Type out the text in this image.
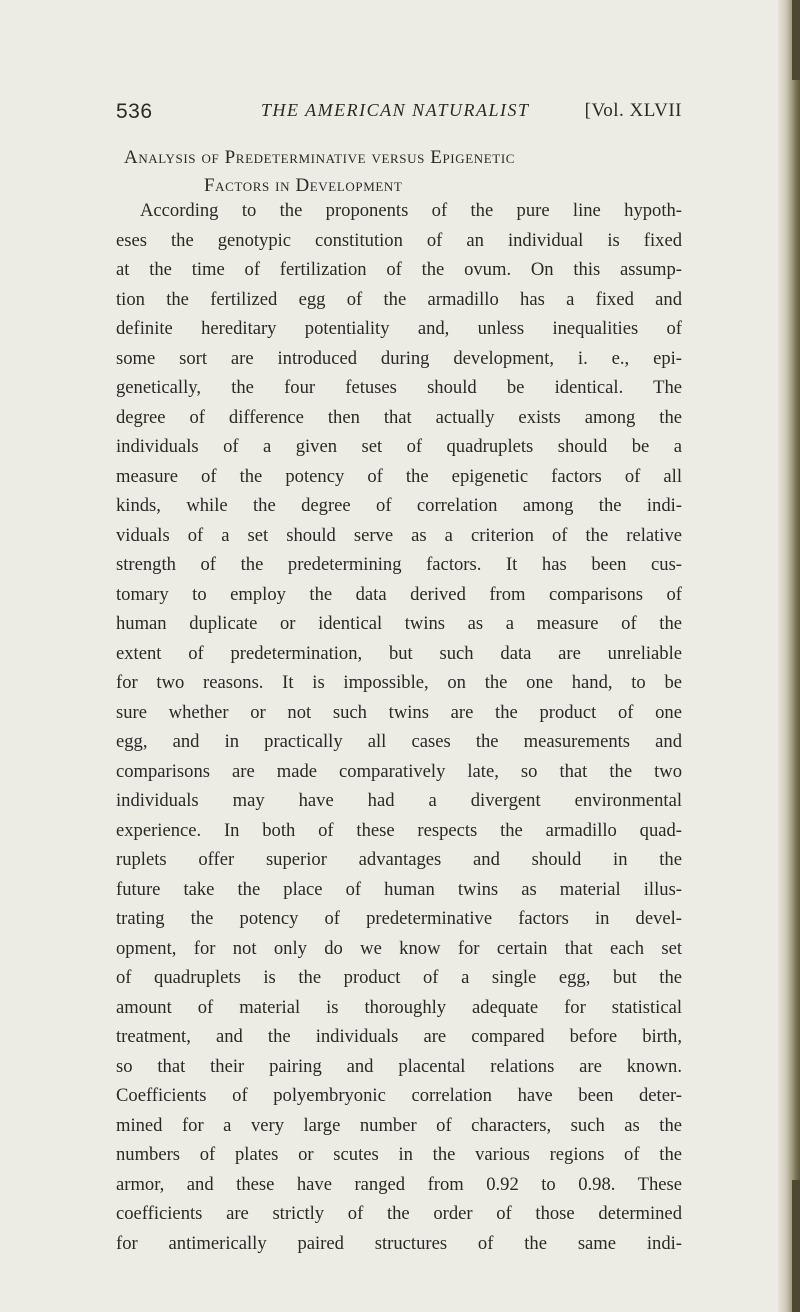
536	THE AMERICAN NATURALIST	[Vol. XLVII
Analysis of Predeterminative versus Epigenetic
Factors in Development
According to the proponents of the pure line hypoth-
eses the genotypic constitution of an individual is fixed
at the time of fertilization of the ovum. On this assump-
tion the fertilized egg of the armadillo has a fixed and
definite hereditary potentiality and, unless inequalities of
some sort are introduced during development, i. e., epi-
genetically, the four fetuses should be identical. The
degree of difference then that actually exists among the
individuals of a given set of quadruplets should be a
measure of the potency of the epigenetic factors of all
kinds, while the degree of correlation among the indi-
viduals of a set should serve as a criterion of the relative
strength of the predetermining factors. It has been cus-
tomary to employ the data derived from comparisons of
human duplicate or identical twins as a measure of the
extent of predetermination, but such data are unreliable
for two reasons. It is impossible, on the one hand, to be
sure whether or not such twins are the product of one
egg, and in practically all cases the measurements and
comparisons are made comparatively late, so that the two
individuals may have had a divergent environmental
experience. In both of these respects the armadillo quad-
ruplets offer superior advantages and should in the
future take the place of human twins as material illus-
trating the potency of predeterminative factors in devel-
opment, for not only do we know for certain that each set
of quadruplets is the product of a single egg, but the
amount of material is thoroughly adequate for statistical
treatment, and the individuals are compared before birth,
so that their pairing and placental relations are known.
Coefficients of polyembryonic correlation have been deter-
mined for a very large number of characters, such as the
numbers of plates or scutes in the various regions of the
armor, and these have ranged from 0.92 to 0.98. These
coefficients are strictly of the order of those determined
for antimerically paired structures of the same indi-
